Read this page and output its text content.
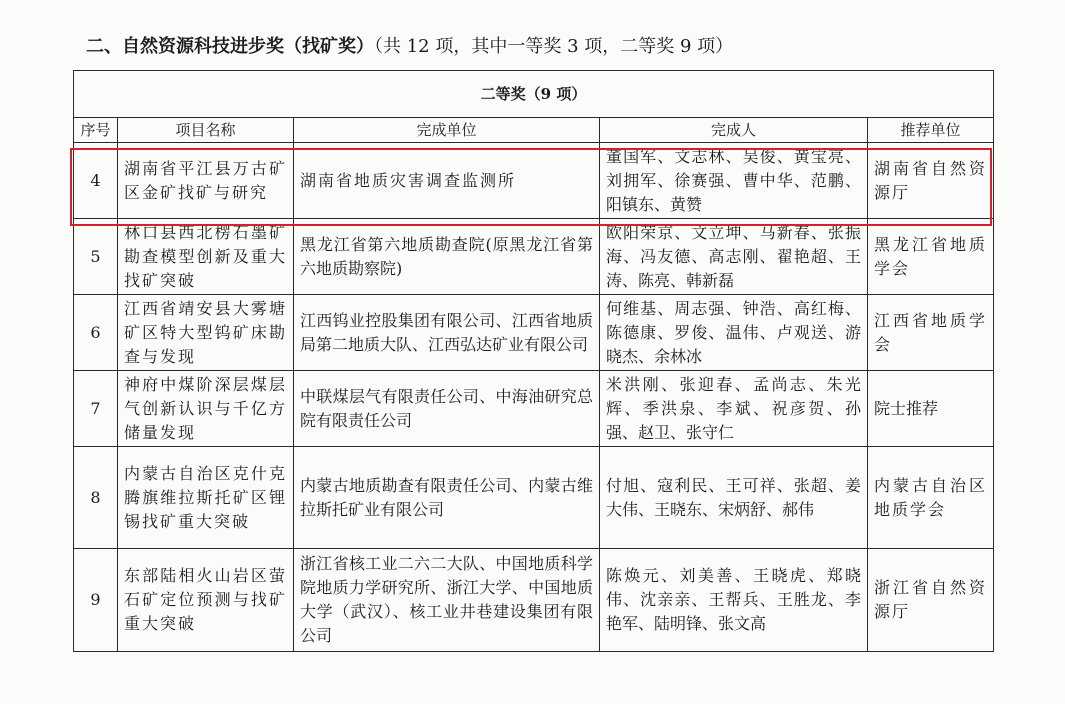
二、自然资源科技进步奖（找矿奖）（共 12 项，其中一等奖 3 项，二等奖 9 项）
二等奖（9 项）				
序号	项目名称	完成单位	完成人	推荐单位
4	湖南省平江县万古矿区金矿找矿与研究	湖南省地质灾害调查监测所	董国军、文志林、吴俊、黄宝亮、刘拥军、徐赛强、曹中华、范鹏、阳镇东、黄赞	湖南省自然资源厅
5	林口县西北楞石墨矿勘查模型创新及重大找矿突破	黑龙江省第六地质勘查院(原黑龙江省第六地质勘察院)	欧阳荣京、文立坤、马新春、张振海、冯友德、高志刚、翟艳超、王涛、陈亮、韩新磊	黑龙江省地质学会
6	江西省靖安县大雾塘矿区特大型钨矿床勘查与发现	江西钨业控股集团有限公司、江西省地质局第二地质大队、江西弘达矿业有限公司	何维基、周志强、钟浩、高红梅、陈德康、罗俊、温伟、卢观送、游晓杰、余林冰	江西省地质学会
7	神府中煤阶深层煤层气创新认识与千亿方储量发现	中联煤层气有限责任公司、中海油研究总院有限责任公司	米洪刚、张迎春、孟尚志、朱光辉、季洪泉、李斌、祝彦贺、孙强、赵卫、张守仁	院士推荐
8	内蒙古自治区克什克腾旗维拉斯托矿区锂锡找矿重大突破	内蒙古地质勘查有限责任公司、内蒙古维拉斯托矿业有限公司	付旭、寇利民、王可祥、张超、姜大伟、王晓东、宋炳舒、郝伟	内蒙古自治区地质学会
9	东部陆相火山岩区萤石矿定位预测与找矿重大突破	浙江省核工业二六二大队、中国地质科学院地质力学研究所、浙江大学、中国地质大学（武汉）、核工业井巷建设集团有限公司	陈焕元、刘美善、王晓虎、郑晓伟、沈亲亲、王帮兵、王胜龙、李艳军、陆明锋、张文高	浙江省自然资源厅
